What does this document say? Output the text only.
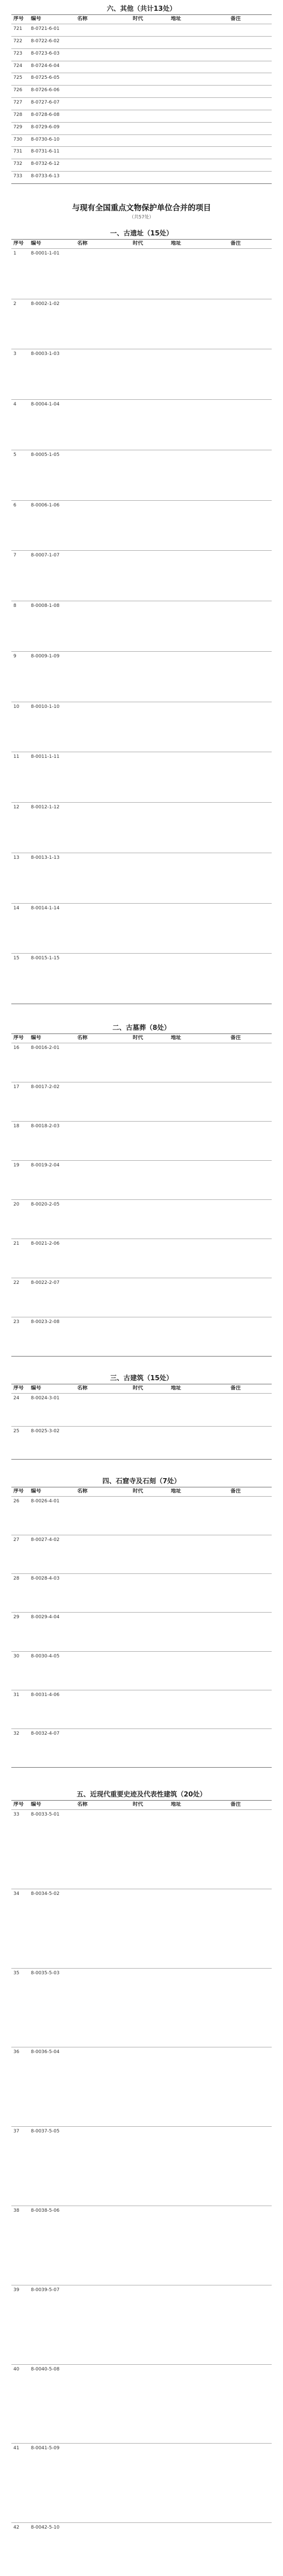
六、其他（共计13处）
序号	编号	名称	时代	地址	备注
721	8-0721-6-01
722	8-0722-6-02
723	8-0723-6-03
724	8-0724-6-04
725	8-0725-6-05
726	8-0726-6-06
727	8-0727-6-07
728	8-0728-6-08
729	8-0729-6-09
730	8-0730-6-10
731	8-0731-6-11
732	8-0732-6-12
733	8-0733-6-13
与现有全国重点文物保护单位合并的项目
（共57处）
一、古遗址（15处）
序号	编号	名称	时代	地址	备注
1	8-0001-1-01
2	8-0002-1-02
3	8-0003-1-03
4	8-0004-1-04
5	8-0005-1-05
6	8-0006-1-06
7	8-0007-1-07
8	8-0008-1-08
9	8-0009-1-09
10	8-0010-1-10
11	8-0011-1-11
12	8-0012-1-12
13	8-0013-1-13
14	8-0014-1-14
15	8-0015-1-15
二、古墓葬（8处）
序号	编号	名称	时代	地址	备注
16	8-0016-2-01
17	8-0017-2-02
18	8-0018-2-03
19	8-0019-2-04
20	8-0020-2-05
21	8-0021-2-06
22	8-0022-2-07
23	8-0023-2-08
三、古建筑（15处）
序号	编号	名称	时代	地址	备注
24	8-0024-3-01
25	8-0025-3-02
四、石窟寺及石刻（7处）
序号	编号	名称	时代	地址	备注
26	8-0026-4-01
27	8-0027-4-02
28	8-0028-4-03
29	8-0029-4-04
30	8-0030-4-05
31	8-0031-4-06
32	8-0032-4-07
五、近现代重要史迹及代表性建筑（20处）
序号	编号	名称	时代	地址	备注
33	8-0033-5-01
34	8-0034-5-02
35	8-0035-5-03
36	8-0036-5-04
37	8-0037-5-05
38	8-0038-5-06
39	8-0039-5-07
40	8-0040-5-08
41	8-0041-5-09
42	8-0042-5-10
